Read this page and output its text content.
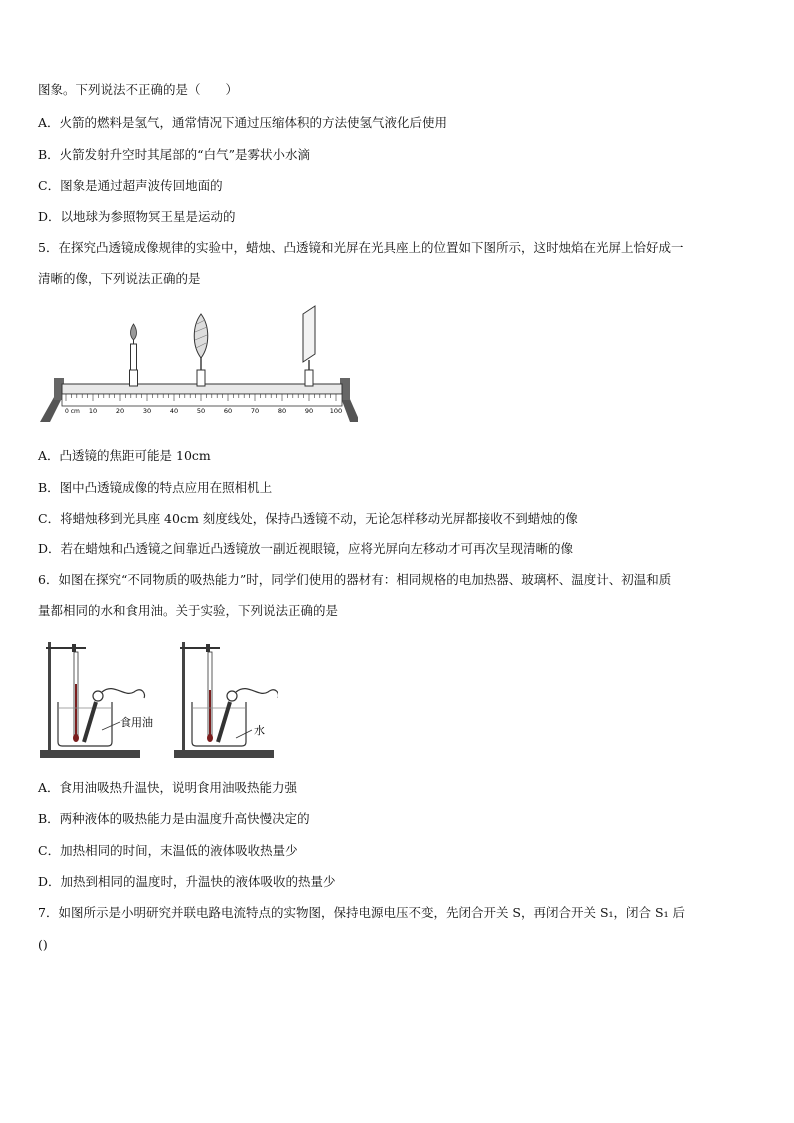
图象。下列说法不正确的是（　　）
A．火箭的燃料是氢气，通常情况下通过压缩体积的方法使氢气液化后使用
B．火箭发射升空时其尾部的“白气”是雾状小水滴
C．图象是通过超声波传回地面的
D．以地球为参照物冥王星是运动的
5．在探究凸透镜成像规律的实验中，蜡烛、凸透镜和光屏在光具座上的位置如下图所示，这时烛焰在光屏上恰好成一
清晰的像，下列说法正确的是
0 cm 10	20	30	40	50	60	70	80	90	100
A．凸透镜的焦距可能是 10cm
B．图中凸透镜成像的特点应用在照相机上
C．将蜡烛移到光具座 40cm 刻度线处，保持凸透镜不动，无论怎样移动光屏都接收不到蜡烛的像
D．若在蜡烛和凸透镜之间靠近凸透镜放一副近视眼镜，应将光屏向左移动才可再次呈现清晰的像
6．如图在探究“不同物质的吸热能力”时，同学们使用的器材有：相同规格的电加热器、玻璃杯、温度计、初温和质
量都相同的水和食用油。关于实验，下列说法正确的是
食用油
水
A．食用油吸热升温快，说明食用油吸热能力强
B．两种液体的吸热能力是由温度升高快慢决定的
C．加热相同的时间，末温低的液体吸收热量少
D．加热到相同的温度时，升温快的液体吸收的热量少
7．如图所示是小明研究并联电路电流特点的实物图，保持电源电压不变，先闭合开关 S，再闭合开关 S₁，闭合 S₁ 后
()
